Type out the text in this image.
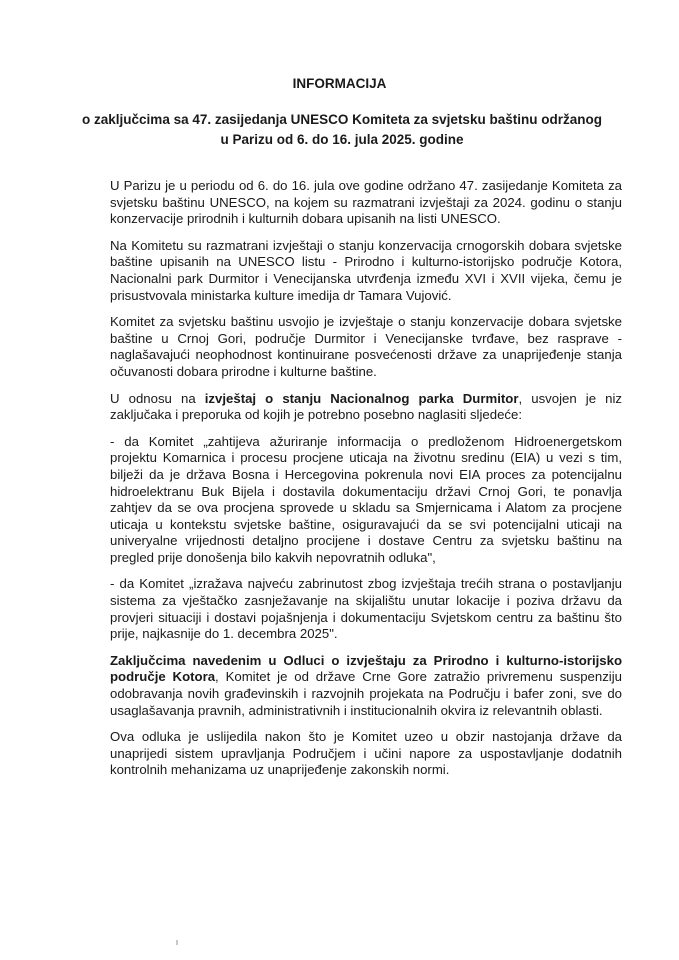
INFORMACIJA
o zaključcima sa 47. zasijedanja UNESCO Komiteta za svjetsku baštinu održanog u Parizu od 6. do 16. jula 2025. godine

U Parizu je u periodu od 6. do 16. jula ove godine održano 47. zasijedanje Komiteta za svjetsku baštinu UNESCO, na kojem su razmatrani izvještaji za 2024. godinu o stanju konzervacije prirodnih i kulturnih dobara upisanih na listi UNESCO.

Na Komitetu su razmatrani izvještaji o stanju konzervacija crnogorskih dobara svjetske baštine upisanih na UNESCO listu - Prirodno i kulturno-istorijsko područje Kotora, Nacionalni park Durmitor i Venecijanska utvrđenja između XVI i XVII vijeka, čemu je prisustvovala ministarka kulture imedija dr Tamara Vujović.

Komitet za svjetsku baštinu usvojio je izvještaje o stanju konzervacije dobara svjetske baštine u Crnoj Gori, područje Durmitor i Venecijanske tvrđave, bez rasprave - naglašavajući neophodnost kontinuirane posvećenosti države za unaprijeđenje stanja očuvanosti dobara prirodne i kulturne baštine.

U odnosu na izvještaj o stanju Nacionalnog parka Durmitor, usvojen je niz zaključaka i preporuka od kojih je potrebno posebno naglasiti sljedeće:

- da Komitet „zahtijeva ažuriranje informacija o predloženom Hidroenergetskom projektu Komarnica i procesu procjene uticaja na životnu sredinu (EIA) u vezi s tim, bilježi da je država Bosna i Hercegovina pokrenula novi EIA proces za potencijalnu hidroelektranu Buk Bijela i dostavila dokumentaciju državi Crnoj Gori, te ponavlja zahtjev da se ova procjena sprovede u skladu sa Smjernicama i Alatom za procjene uticaja u kontekstu svjetske baštine, osiguravajući da se svi potencijalni uticaji na univeryalne vrijednosti detaljno procijene i dostave Centru za svjetsku baštinu na pregled prije donošenja bilo kakvih nepovratnih odluka",

- da Komitet „izražava najveću zabrinutost zbog izvještaja trećih strana o postavljanju sistema za vještačko zasnježavanje na skijalištu unutar lokacije i poziva državu da provjeri situaciji i dostavi pojašnjenja i dokumentaciju Svjetskom centru za baštinu što prije, najkasnije do 1. decembra 2025".

Zaključcima navedenim u Odluci o izvještaju za Prirodno i kulturno-istorijsko područje Kotora, Komitet je od države Crne Gore zatražio privremenu suspenziju odobravanja novih građevinskih i razvojnih projekata na Području i bafer zoni, sve do usaglašavanja pravnih, administrativnih i institucionalnih okvira iz relevantnih oblasti.

Ova odluka je uslijedila nakon što je Komitet uzeo u obzir nastojanja države da unaprijedi sistem upravljanja Područjem i učini napore za uspostavljanje dodatnih kontrolnih mehanizama uz unaprijeđenje zakonskih normi.
